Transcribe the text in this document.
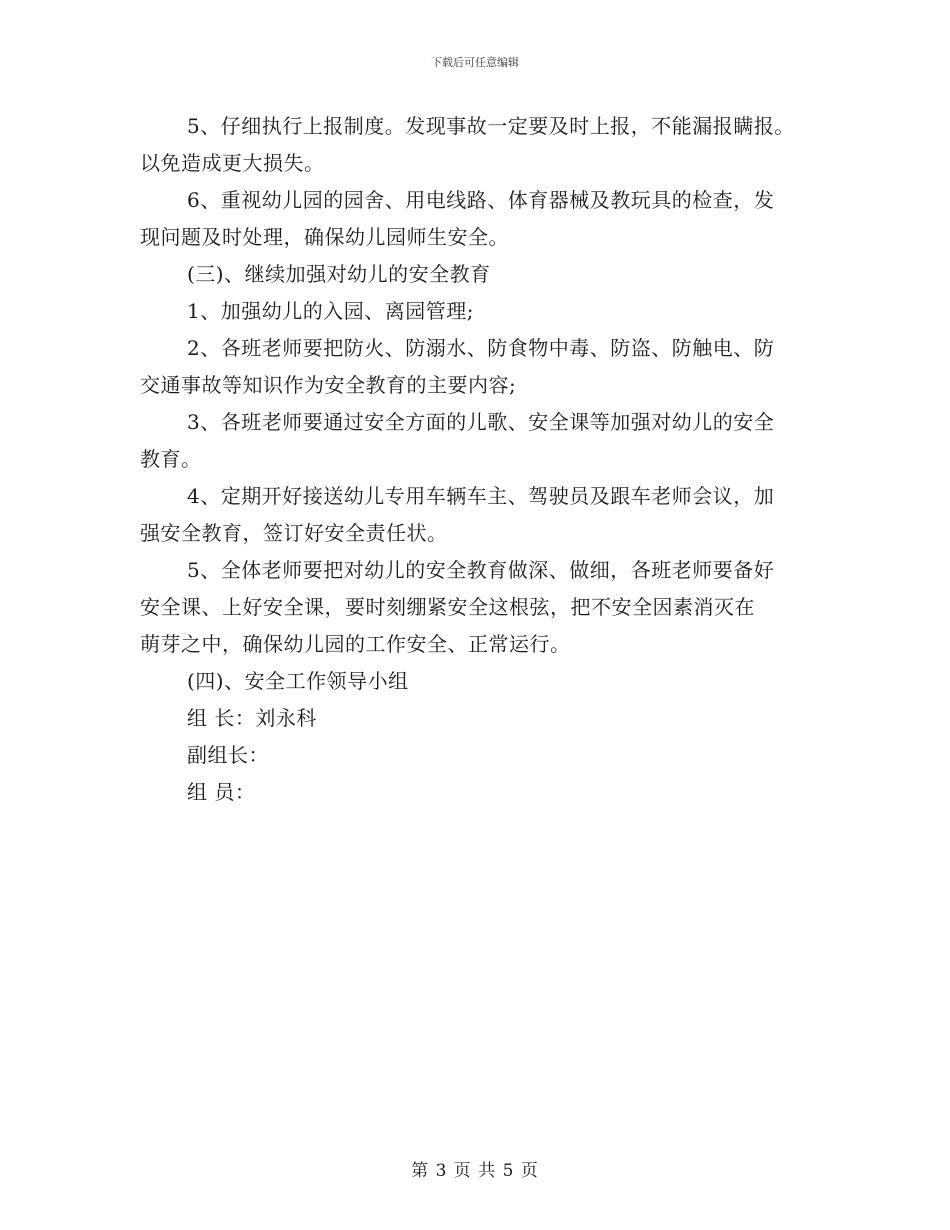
下载后可任意编辑
5、仔细执行上报制度。发现事故一定要及时上报，不能漏报瞒报。
以免造成更大损失。
6、重视幼儿园的园舍、用电线路、体育器械及教玩具的检查，发
现问题及时处理，确保幼儿园师生安全。
(三)、继续加强对幼儿的安全教育
1、加强幼儿的入园、离园管理;
2、各班老师要把防火、防溺水、防食物中毒、防盗、防触电、防
交通事故等知识作为安全教育的主要内容;
3、各班老师要通过安全方面的儿歌、安全课等加强对幼儿的安全
教育。
4、定期开好接送幼儿专用车辆车主、驾驶员及跟车老师会议，加
强安全教育，签订好安全责任状。
5、全体老师要把对幼儿的安全教育做深、做细，各班老师要备好
安全课、上好安全课，要时刻绷紧安全这根弦，把不安全因素消灭在
萌芽之中，确保幼儿园的工作安全、正常运行。
(四)、安全工作领导小组
组 长：刘永科
副组长：
组 员：
第 3 页 共 5 页
